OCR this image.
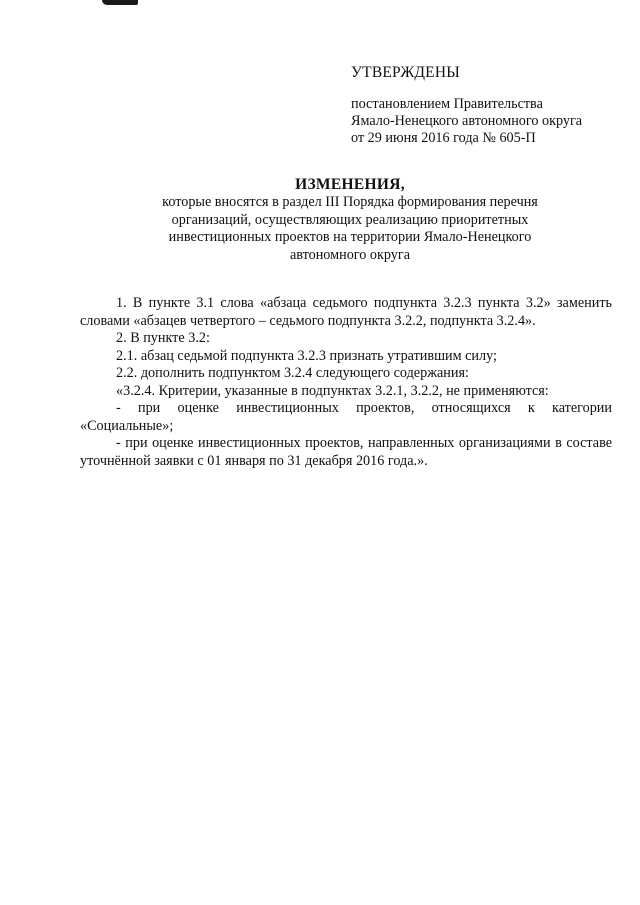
УТВЕРЖДЕНЫ
постановлением Правительства
Ямало-Ненецкого автономного округа
от 29 июня 2016 года № 605-П
ИЗМЕНЕНИЯ,
которые вносятся в раздел III Порядка формирования перечня
организаций, осуществляющих реализацию приоритетных
инвестиционных проектов на территории Ямало-Ненецкого
автономного округа

1. В пункте 3.1 слова «абзаца седьмого подпункта 3.2.3 пункта 3.2» заменить словами «абзацев четвертого – седьмого подпункта 3.2.2, подпункта 3.2.4».

2. В пункте 3.2:

2.1. абзац седьмой подпункта 3.2.3 признать утратившим силу;

2.2. дополнить подпунктом 3.2.4 следующего содержания:

«3.2.4. Критерии, указанные в подпунктах 3.2.1, 3.2.2, не применяются:

- при оценке инвестиционных проектов, относящихся к категории «Социальные»;

- при оценке инвестиционных проектов, направленных организациями в составе уточнённой заявки с 01 января по 31 декабря 2016 года.».
